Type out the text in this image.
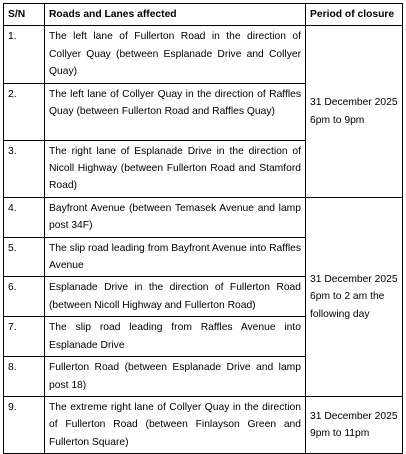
S/N	Roads and Lanes affected	Period of closure
1.	The left lane of Fullerton Road in the direction of Collyer Quay (between Esplanade Drive and Collyer Quay)	31 December 2025
6pm to 9pm

2.	The left lane of Collyer Quay in the direction of Raffles Quay (between Fullerton Road and Raffles Quay)	
3.	The right lane of Esplanade Drive in the direction of Nicoll Highway (between Fullerton Road and Stamford Road)	
4.	Bayfront Avenue (between Temasek Avenue and lamp post 34F)	31 December 2025
6pm to 2 am the following day

5.	The slip road leading from Bayfront Avenue into Raffles Avenue	
6.	Esplanade Drive in the direction of Fullerton Road (between Nicoll Highway and Fullerton Road)	
7.	The slip road leading from Raffles Avenue into Esplanade Drive	
8.	Fullerton Road (between Esplanade Drive and lamp post 18)	
9.	The extreme right lane of Collyer Quay in the direction of Fullerton Road (between Finlayson Green and Fullerton Square)	31 December 2025
9pm to 11pm
